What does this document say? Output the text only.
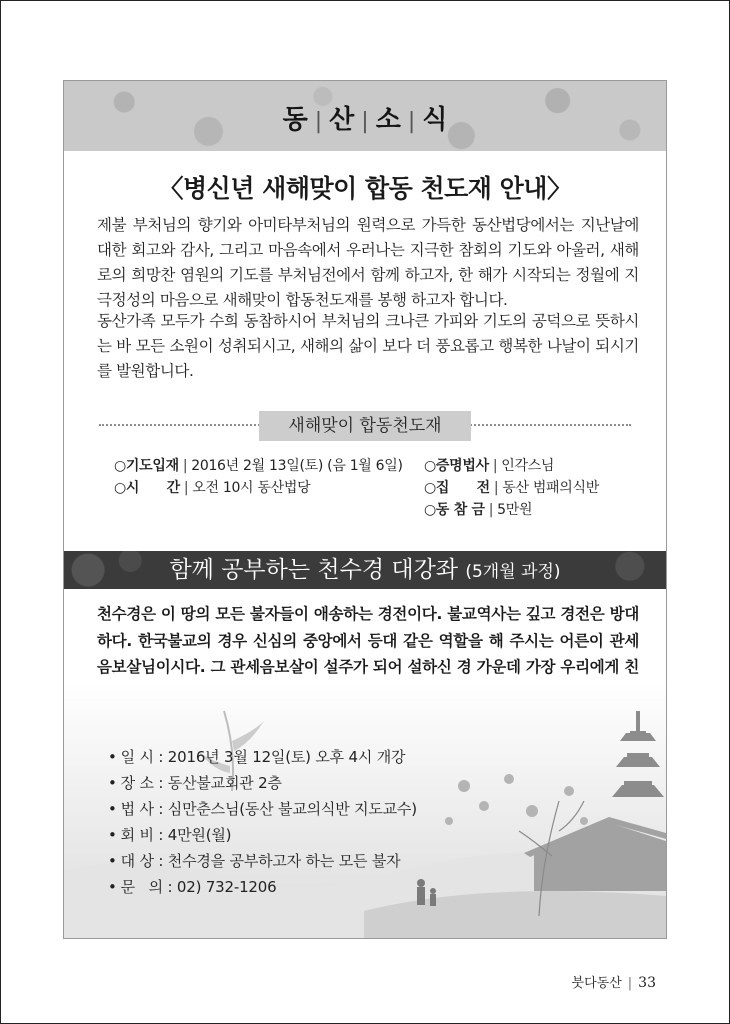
동 | 산 | 소 | 식
〈병신년 새해맞이 합동 천도재 안내〉

제불 부처님의 향기와 아미타부처님의 원력으로 가득한 동산법당에서는 지난날에 대한 회고와 감사, 그리고 마음속에서 우러나는 지극한 참회의 기도와 아울러, 새해로의 희망찬 염원의 기도를 부처님전에서 함께 하고자, 한 해가 시작되는 정월에 지극정성의 마음으로 새해맞이 합동천도재를 봉행 하고자 합니다.

동산가족 모두가 수희 동참하시어 부처님의 크나큰 가피와 기도의 공덕으로 뜻하시는 바 모든 소원이 성취되시고, 새해의 삶이 보다 더 풍요롭고 행복한 나날이 되시기를 발원합니다.

새해맞이 합동천도재
○기도입재 | 2016년 2월 13일(토) (음 1월 6일)
○시      간 | 오전 10시 동산법당
○증명법사 | 인각스님
○집      전 | 동산 범패의식반
○동 참 금 | 5만원
함께 공부하는 천수경 대강좌 (5개월 과정)

천수경은 이 땅의 모든 불자들이 애송하는 경전이다. 불교역사는 깊고 경전은 방대하다. 한국불교의 경우 신심의 중앙에서 등대 같은 역할을 해 주시는 어른이 관세음보살님이시다. 그 관세음보살이 설주가 되어 설하신 경 가운데 가장 우리에게 친

• 일 시 : 2016년 3월 12일(토) 오후 4시 개강
• 장 소 : 동산불교회관 2층
• 법 사 : 심만춘스님(동산 불교의식반 지도교수)
• 회 비 : 4만원(월)
• 대 상 : 천수경을 공부하고자 하는 모든 불자
• 문   의 : 02) 732-1206
붓다동산 | 33
